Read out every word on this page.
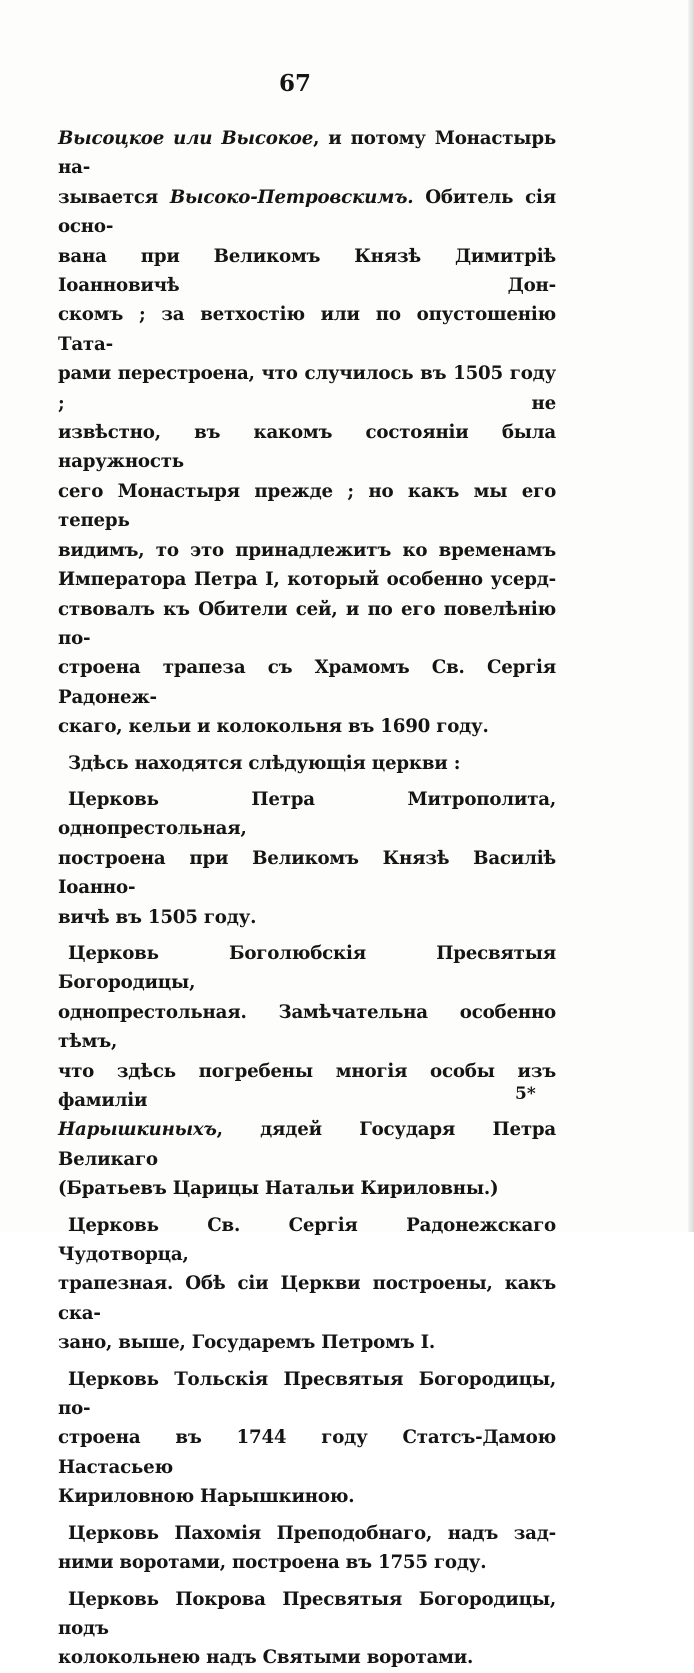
67

Высоцкое или Высокое, и потому Монастырь на-

зывается Высоко-Петровскимъ. Обитель сія осно-

вана при Великомъ Князѣ Димитріѣ Іоанновичѣ Дон-

скомъ ; за ветхостію или по опустошенію Тата-

рами перестроена, что случилось въ 1505 году ; не

извѣстно, въ какомъ состояніи была наружность

сего Монастыря прежде ; но какъ мы его теперь

видимъ, то это принадлежитъ ко временамъ

Императора Петра I, который особенно усерд-

ствовалъ къ Обители сей, и по его повелѣнію по-

строена трапеза съ Храмомъ Св. Сергія Радонеж-

скаго, кельи и колокольня въ 1690 году.

Здѣсь находятся слѣдующія церкви :

Церковь Петра Митрополита, однопрестольная,

построена при Великомъ Князѣ Василіѣ Іоанно-

вичѣ въ 1505 году.

Церковь Боголюбскія Пресвятыя Богородицы,

однопрестольная. Замѣчательна особенно тѣмъ,

что здѣсь погребены многія особы изъ фамиліи

Нарышкиныхъ, дядей Государя Петра Великаго

(Братьевъ Царицы Натальи Кириловны.)

Церковь Св. Сергія Радонежскаго Чудотворца,

трапезная. Обѣ сіи Церкви построены, какъ ска-

зано, выше, Государемъ Петромъ I.

Церковь Тольскія Пресвятыя Богородицы, по-

строена въ 1744 году Статсъ-Дамою Настасьею

Кириловною Нарышкиною.

Церковь Пахомія Преподобнаго, надъ зад-

ними воротами, построена въ 1755 году.

Церковь Покрова Пресвятыя Богородицы, подъ

колокольнею надъ Святыми воротами.

5*
